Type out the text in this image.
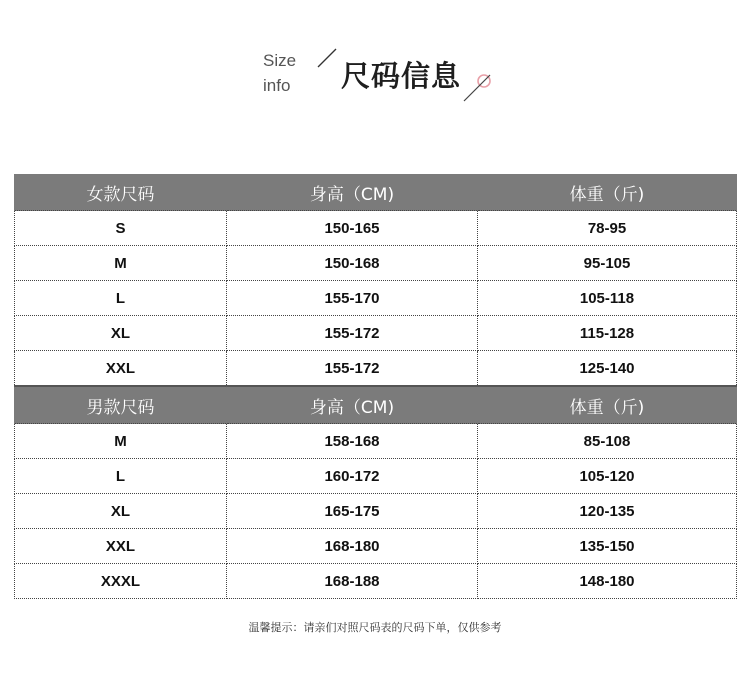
Size
info 尺码信息
女款尺码	身高（CM)	体重（斤)
S	150-165	78-95
M	150-168	95-105
L	155-170	105-118
XL	155-172	115-128
XXL	155-172	125-140
男款尺码	身高（CM)	体重（斤)
M	158-168	85-108
L	160-172	105-120
XL	165-175	120-135
XXL	168-180	135-150
XXXL	168-188	148-180
温馨提示：请亲们对照尺码表的尺码下单，仅供参考
